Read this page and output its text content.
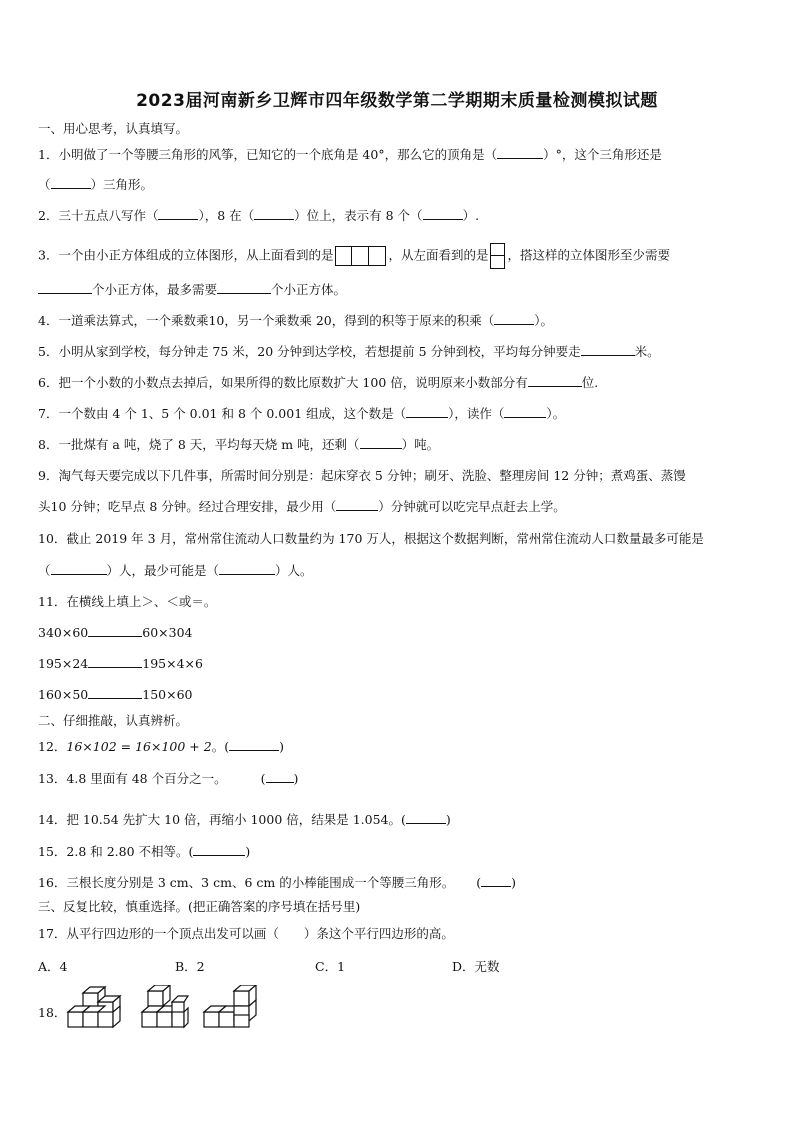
2023届河南新乡卫辉市四年级数学第二学期期末质量检测模拟试题
一、用心思考，认真填写。
1．小明做了一个等腰三角形的风筝，已知它的一个底角是 40°，那么它的顶角是（	）°，这个三角形还是
（	）三角形。
2．三十五点八写作（	），8 在（	）位上，表示有 8 个（	）.
3．一个由小正方体组成的立体图形，从上面看到的是	，从左面看到的是 ，搭这样的立体图形至少需要
个小正方体，最多需要	个小正方体。
4．一道乘法算式，一个乘数乘10，另一个乘数乘 20，得到的积等于原来的积乘（	）。
5．小明从家到学校，每分钟走 75 米，20 分钟到达学校，若想提前 5 分钟到校，平均每分钟要走	米。
6．把一个小数的小数点去掉后，如果所得的数比原数扩大 100 倍，说明原来小数部分有	位.
7．一个数由 4 个 1、5 个 0.01 和 8 个 0.001 组成，这个数是（	），读作（	）。
8．一批煤有 a 吨，烧了 8 天，平均每天烧 m 吨，还剩（	）吨。
9．淘气每天要完成以下几件事，所需时间分别是：起床穿衣 5 分钟；刷牙、洗脸、整理房间 12 分钟；煮鸡蛋、蒸馒
头10 分钟；吃早点 8 分钟。经过合理安排，最少用（	）分钟就可以吃完早点赶去上学。
10．截止 2019 年 3 月，常州常住流动人口数量约为 170 万人，根据这个数据判断，常州常住流动人口数量最多可能是
（	）人，最少可能是（	）人。
11．在横线上填上＞、＜或＝。
340×60	60×304
195×24	195×4×6
160×50	150×60
二、仔细推敲，认真辨析。
12．16×102 = 16×100 + 2。(	)
13．4.8 里面有 48 个百分之一。	( )
14．把 10.54 先扩大 10 倍，再缩小 1000 倍，结果是 1.054。(	)
15．2.8 和 2.80 不相等。(	)
16．三根长度分别是 3 cm、3 cm、6 cm 的小棒能围成一个等腰三角形。 ( )
三、反复比较，慎重选择。(把正确答案的序号填在括号里)
17．从平行四边形的一个顶点出发可以画（　　）条这个平行四边形的高。
A．4	B．2	C．1	D．无数
18．
